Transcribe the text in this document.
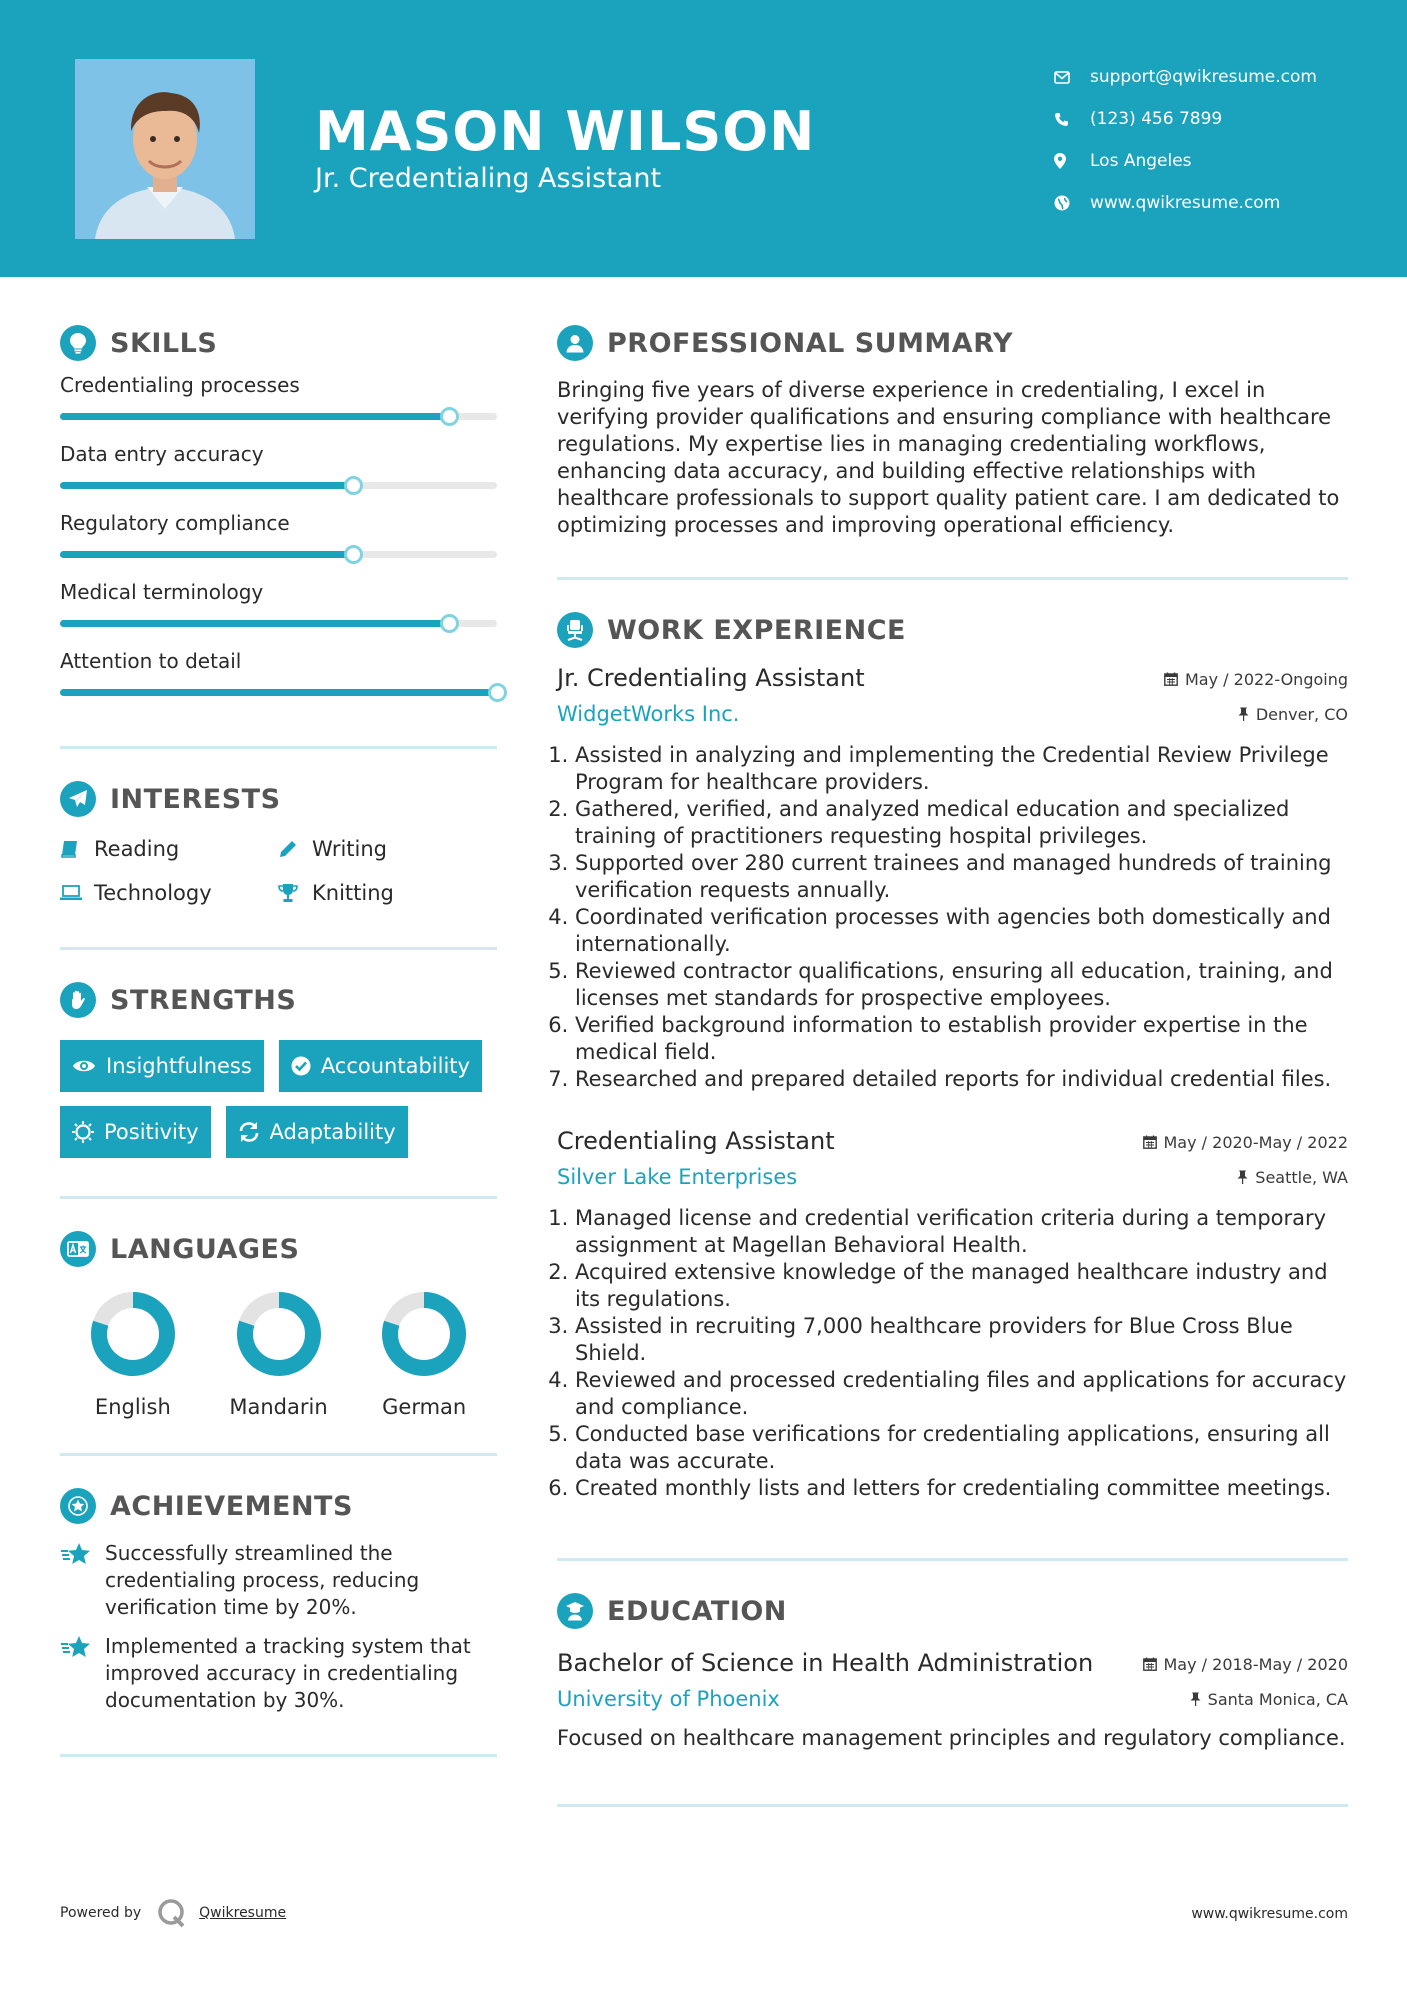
MASON WILSON
Jr. Credentialing Assistant
support@qwikresume.com
(123) 456 7899
Los Angeles
www.qwikresume.com
SKILLS
Credentialing processes
Data entry accuracy
Regulatory compliance
Medical terminology
Attention to detail
INTERESTS
Reading	Writing
Technology	Knitting
STRENGTHS
Insightfulness	Accountability
Positivity	Adaptability
LANGUAGES
English	Mandarin	German
ACHIEVEMENTS
Successfully streamlined the credentialing process, reducing verification time by 20%.
Implemented a tracking system that improved accuracy in credentialing documentation by 30%.
PROFESSIONAL SUMMARY

Bringing five years of diverse experience in credentialing, I excel in verifying provider qualifications and ensuring compliance with healthcare regulations. My expertise lies in managing credentialing workflows, enhancing data accuracy, and building effective relationships with healthcare professionals to support quality patient care. I am dedicated to optimizing processes and improving operational efficiency.

WORK EXPERIENCE
Jr. Credentialing Assistant	May / 2022-Ongoing
WidgetWorks Inc.	Denver, CO
1. Assisted in analyzing and implementing the Credential Review Privilege Program for healthcare providers.
2. Gathered, verified, and analyzed medical education and specialized training of practitioners requesting hospital privileges.
3. Supported over 280 current trainees and managed hundreds of training verification requests annually.
4. Coordinated verification processes with agencies both domestically and internationally.
5. Reviewed contractor qualifications, ensuring all education, training, and licenses met standards for prospective employees.
6. Verified background information to establish provider expertise in the medical field.
7. Researched and prepared detailed reports for individual credential files.
Credentialing Assistant	May / 2020-May / 2022
Silver Lake Enterprises	Seattle, WA
1. Managed license and credential verification criteria during a temporary assignment at Magellan Behavioral Health.
2. Acquired extensive knowledge of the managed healthcare industry and its regulations.
3. Assisted in recruiting 7,000 healthcare providers for Blue Cross Blue Shield.
4. Reviewed and processed credentialing files and applications for accuracy and compliance.
5. Conducted base verifications for credentialing applications, ensuring all data was accurate.
6. Created monthly lists and letters for credentialing committee meetings.
EDUCATION
Bachelor of Science in Health Administration	May / 2018-May / 2020
University of Phoenix	Santa Monica, CA

Focused on healthcare management principles and regulatory compliance.

Powered by	Qwikresume	www.qwikresume.com
